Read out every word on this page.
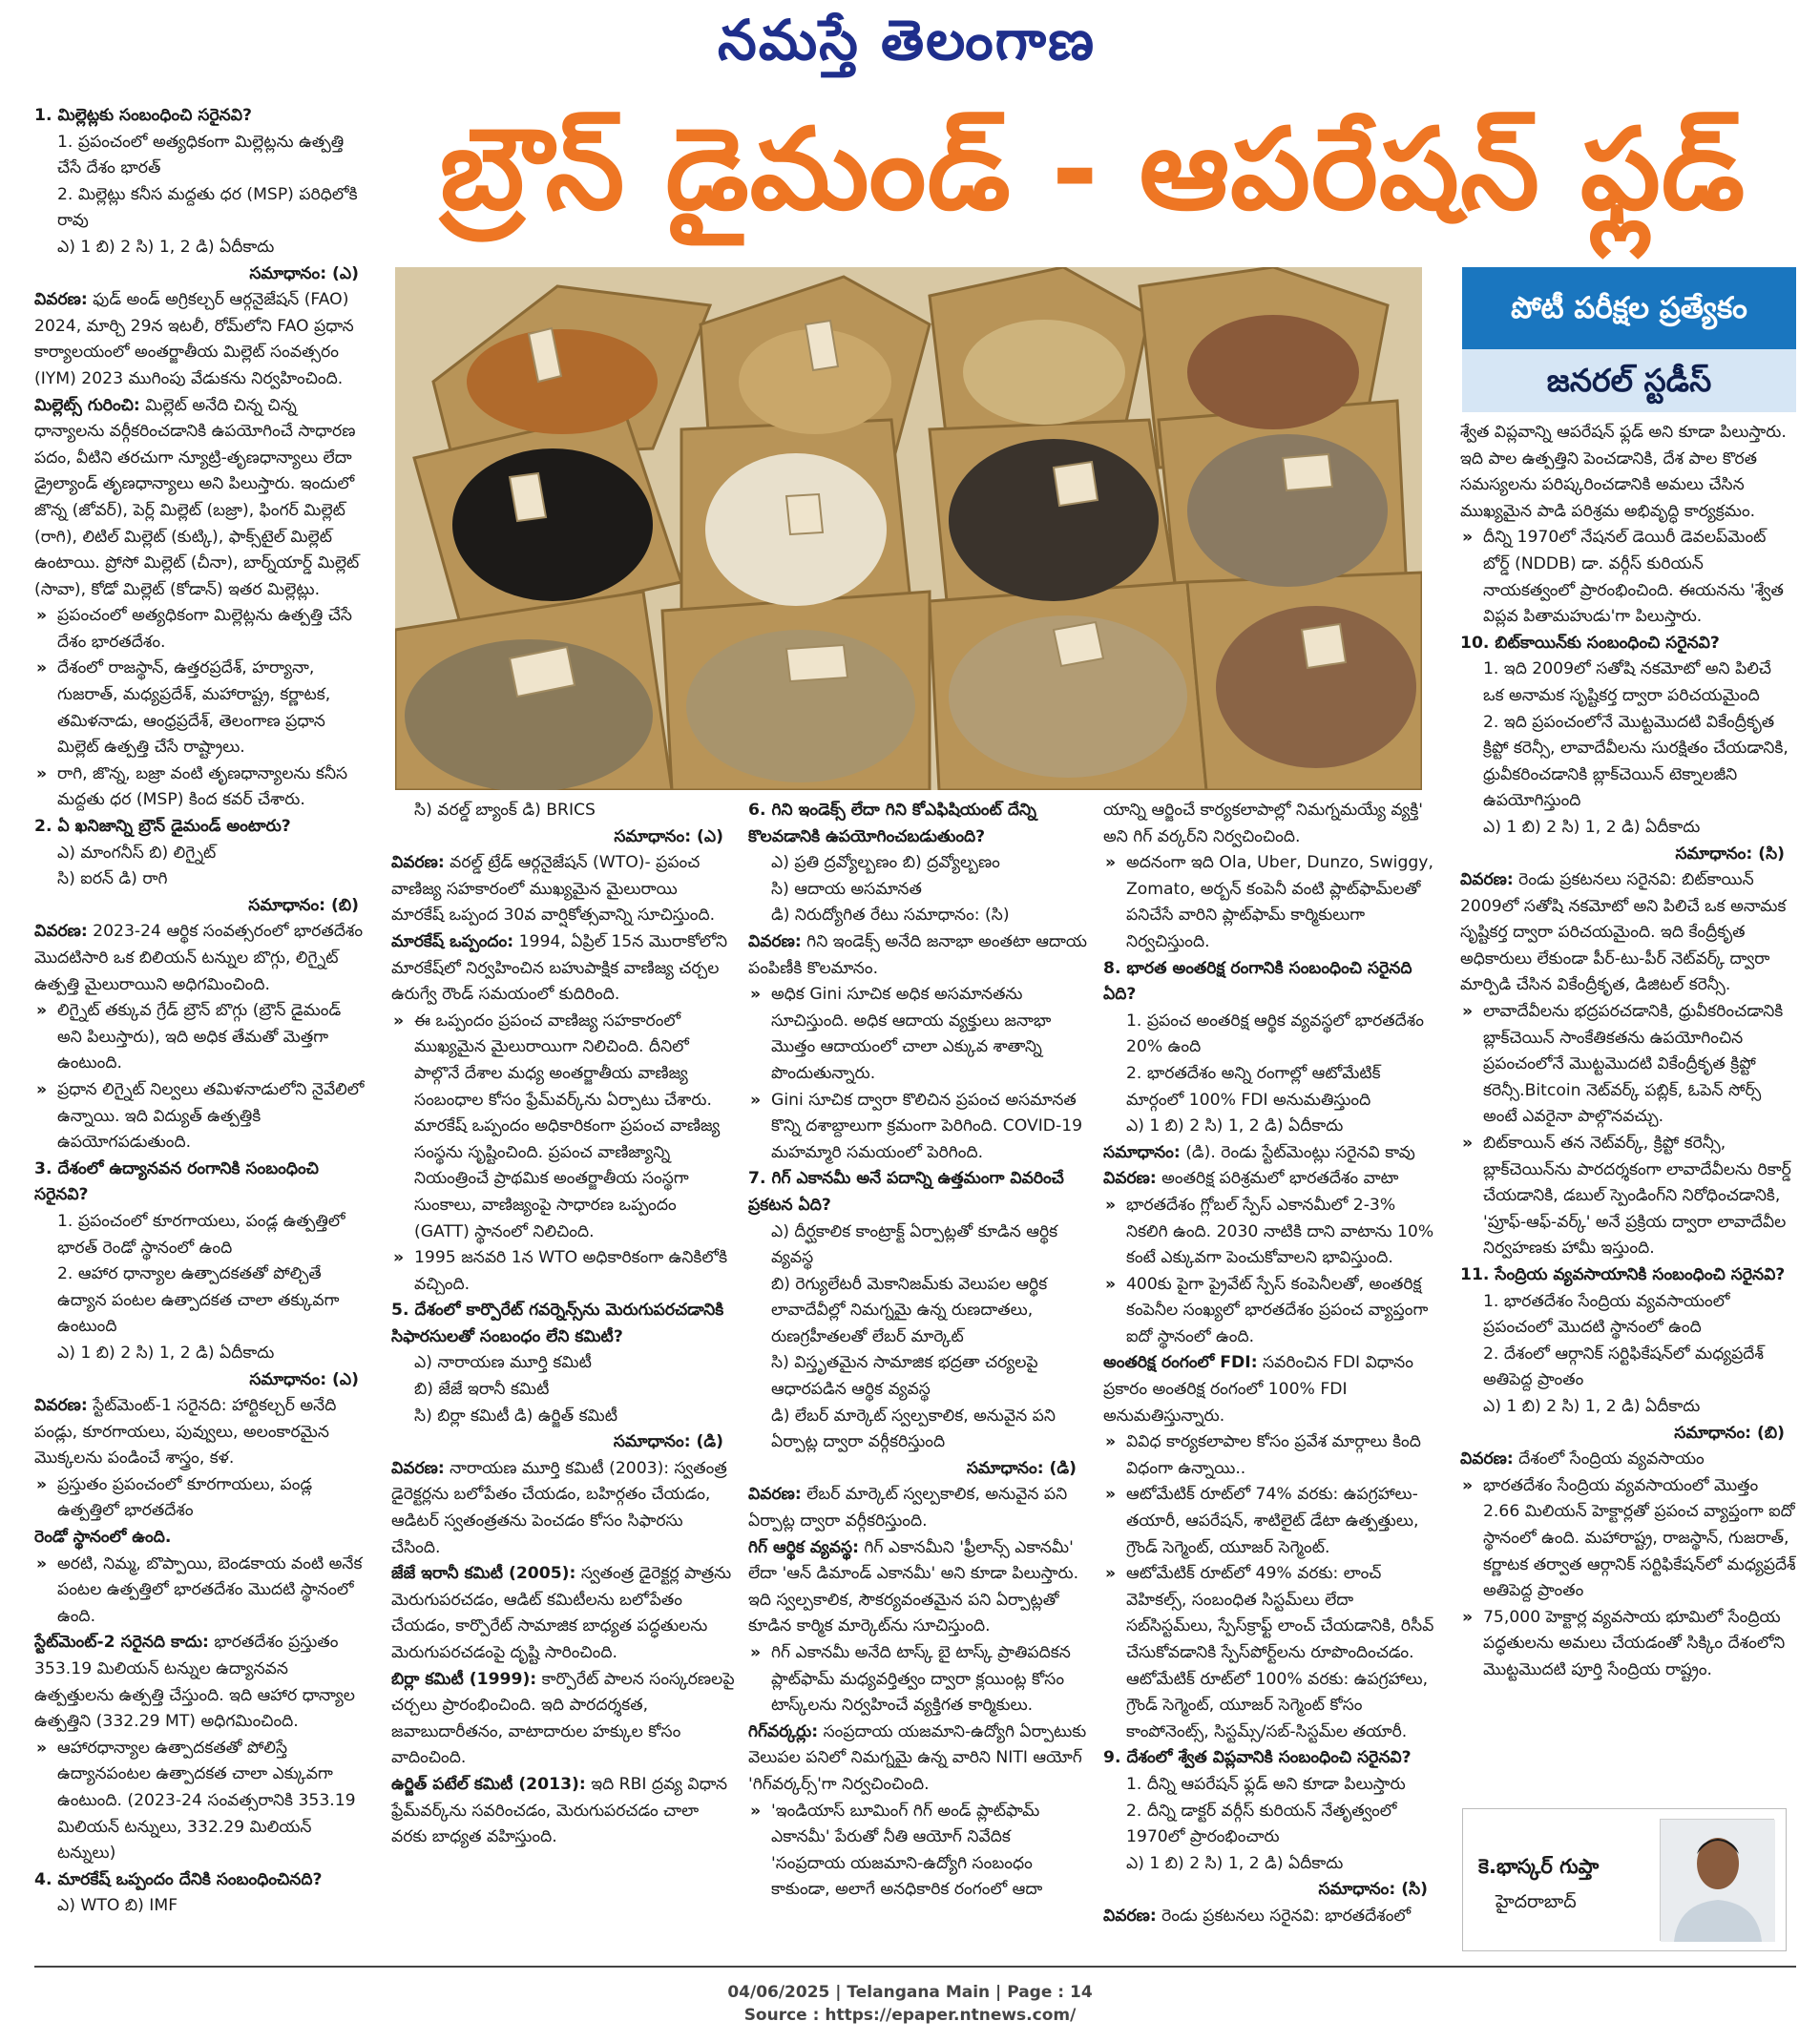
నమస్తే తెలంగాణ
బ్రౌన్ డైమండ్ - ఆపరేషన్ ఫ్లడ్
పోటీ పరీక్షల ప్రత్యేకం
జనరల్ స్టడీస్
1. మిల్లెట్లకు సంబంధించి సరైనవి?
1. ప్రపంచంలో అత్యధికంగా మిల్లెట్లను ఉత్పత్తి చేసే దేశం భారత్
2. మిల్లెట్లు కనీస మద్దతు ధర (MSP) పరిధిలోకి రావు
ఎ) 1 బి) 2 సి) 1, 2 డి) ఏదీకాదు
సమాధానం: (ఎ)
వివరణ: ఫుడ్ అండ్ అగ్రికల్చర్ ఆర్గనైజేషన్ (FAO) 2024, మార్చి 29న ఇటలీ, రోమ్‌లోని FAO ప్రధాన కార్యాలయంలో అంతర్జాతీయ మిల్లెట్ సంవత్సరం (IYM) 2023 ముగింపు వేడుకను నిర్వహించింది.
మిల్లెట్స్ గురించి: మిల్లెట్ అనేది చిన్న చిన్న ధాన్యాలను వర్గీకరించడానికి ఉపయోగించే సాధారణ పదం, వీటిని తరచుగా న్యూట్రి-తృణధాన్యాలు లేదా డ్రైల్యాండ్ తృణధాన్యాలు అని పిలుస్తారు. ఇందులో జొన్న (జోవర్), పెర్ల్ మిల్లెట్ (బజ్రా), ఫింగర్ మిల్లెట్ (రాగి), లిటిల్ మిల్లెట్ (కుట్కి), ఫాక్స్‌టైల్ మిల్లెట్ ఉంటాయి. ప్రోసో మిల్లెట్ (చీనా), బార్న్‌యార్డ్ మిల్లెట్ (సావా), కోడో మిల్లెట్ (కోడాన్) ఇతర మిల్లెట్లు.
» ప్రపంచంలో అత్యధికంగా మిల్లెట్లను ఉత్పత్తి చేసే దేశం భారతదేశం.
» దేశంలో రాజస్థాన్, ఉత్తరప్రదేశ్, హర్యానా, గుజరాత్, మధ్యప్రదేశ్, మహారాష్ట్ర, కర్ణాటక, తమిళనాడు, ఆంధ్రప్రదేశ్, తెలంగాణ ప్రధాన మిల్లెట్ ఉత్పత్తి చేసే రాష్ట్రాలు.
» రాగి, జొన్న, బజ్రా వంటి తృణధాన్యాలను కనీస మద్దతు ధర (MSP) కింద కవర్ చేశారు.
2. ఏ ఖనిజాన్ని బ్రౌన్ డైమండ్ అంటారు?
ఎ) మాంగనీస్ బి) లిగ్నైట్
సి) ఐరన్ డి) రాగి
సమాధానం: (బి)
వివరణ: 2023-24 ఆర్థిక సంవత్సరంలో భారతదేశం మొదటిసారి ఒక బిలియన్ టన్నుల బొగ్గు, లిగ్నైట్ ఉత్పత్తి మైలురాయిని అధిగమించింది.
» లిగ్నైట్ తక్కువ గ్రేడ్ బ్రౌన్ బొగ్గు (బ్రౌన్ డైమండ్ అని పిలుస్తారు), ఇది అధిక తేమతో మెత్తగా ఉంటుంది.
» ప్రధాన లిగ్నైట్ నిల్వలు తమిళనాడులోని నైవేలిలో ఉన్నాయి. ఇది విద్యుత్ ఉత్పత్తికి ఉపయోగపడుతుంది.
3. దేశంలో ఉద్యానవన రంగానికి సంబంధించి సరైనవి?
1. ప్రపంచంలో కూరగాయలు, పండ్ల ఉత్పత్తిలో భారత్ రెండో స్థానంలో ఉంది
2. ఆహార ధాన్యాల ఉత్పాదకతతో పోల్చితే ఉద్యాన పంటల ఉత్పాదకత చాలా తక్కువగా ఉంటుంది
ఎ) 1 బి) 2 సి) 1, 2 డి) ఏదీకాదు
సమాధానం: (ఎ)
వివరణ: స్టేట్‌మెంట్-1 సరైనది: హార్టికల్చర్ అనేది పండ్లు, కూరగాయలు, పువ్వులు, అలంకారమైన మొక్కలను పండించే శాస్త్రం, కళ.
» ప్రస్తుతం ప్రపంచంలో కూరగాయలు, పండ్ల ఉత్పత్తిలో భారతదేశం
రెండో స్థానంలో ఉంది.
» అరటి, నిమ్మ, బొప్పాయి, బెండకాయ వంటి అనేక పంటల ఉత్పత్తిలో భారతదేశం మొదటి స్థానంలో ఉంది.
స్టేట్‌మెంట్-2 సరైనది కాదు: భారతదేశం ప్రస్తుతం 353.19 మిలియన్ టన్నుల ఉద్యానవన ఉత్పత్తులను ఉత్పత్తి చేస్తుంది. ఇది ఆహార ధాన్యాల ఉత్పత్తిని (332.29 MT) అధిగమించింది.
» ఆహారధాన్యాల ఉత్పాదకతతో పోలిస్తే ఉద్యానపంటల ఉత్పాదకత చాలా ఎక్కువగా ఉంటుంది. (2023-24 సంవత్సరానికి 353.19 మిలియన్ టన్నులు, 332.29 మిలియన్ టన్నులు)
4. మారకేష్ ఒప్పందం దేనికి సంబంధించినది?
ఎ) WTO బి) IMF
సి) వరల్డ్ బ్యాంక్ డి) BRICS
సమాధానం: (ఎ)
వివరణ: వరల్డ్ ట్రేడ్ ఆర్గనైజేషన్ (WTO)- ప్రపంచ వాణిజ్య సహకారంలో ముఖ్యమైన మైలురాయి మారకేష్ ఒప్పంద 30వ వార్షికోత్సవాన్ని సూచిస్తుంది.
మారకేష్ ఒప్పందం: 1994, ఏప్రిల్ 15న మొరాకోలోని మారకేష్‌లో నిర్వహించిన బహుపాక్షిక వాణిజ్య చర్చల ఉరుగ్వే రౌండ్ సమయంలో కుదిరింది.
» ఈ ఒప్పందం ప్రపంచ వాణిజ్య సహకారంలో ముఖ్యమైన మైలురాయిగా నిలిచింది. దీనిలో పాల్గొనే దేశాల మధ్య అంతర్జాతీయ వాణిజ్య సంబంధాల కోసం ఫ్రేమ్‌వర్క్‌ను ఏర్పాటు చేశారు. మారకేష్ ఒప్పందం అధికారికంగా ప్రపంచ వాణిజ్య సంస్థను సృష్టించింది. ప్రపంచ వాణిజ్యాన్ని నియంత్రించే ప్రాథమిక అంతర్జాతీయ సంస్థగా సుంకాలు, వాణిజ్యంపై సాధారణ ఒప్పందం (GATT) స్థానంలో నిలిచింది.
» 1995 జనవరి 1న WTO అధికారికంగా ఉనికిలోకి వచ్చింది.
5. దేశంలో కార్పొరేట్ గవర్నెన్స్‌ను మెరుగుపరచడానికి సిఫారసులతో సంబంధం లేని కమిటీ?
ఎ) నారాయణ మూర్తి కమిటీ
బి) జేజే ఇరానీ కమిటీ
సి) బిర్లా కమిటీ డి) ఉర్జిత్ కమిటీ
సమాధానం: (డి)
వివరణ: నారాయణ మూర్తి కమిటీ (2003): స్వతంత్ర డైరెక్టర్లను బలోపేతం చేయడం, బహిర్గతం చేయడం, ఆడిటర్ స్వతంత్రతను పెంచడం కోసం సిఫారసు చేసింది.
జేజే ఇరానీ కమిటీ (2005): స్వతంత్ర డైరెక్టర్ల పాత్రను మెరుగుపరచడం, ఆడిట్ కమిటీలను బలోపేతం చేయడం, కార్పొరేట్ సామాజిక బాధ్యత పద్ధతులను మెరుగుపరచడంపై దృష్టి సారించింది.
బిర్లా కమిటీ (1999): కార్పొరేట్ పాలన సంస్కరణలపై చర్చలు ప్రారంభించింది. ఇది పారదర్శకత, జవాబుదారీతనం, వాటాదారుల హక్కుల కోసం వాదించింది.
ఉర్జిత్ పటేల్ కమిటీ (2013): ఇది RBI ద్రవ్య విధాన ఫ్రేమ్‌వర్క్‌ను సవరించడం, మెరుగుపరచడం చాలా వరకు బాధ్యత వహిస్తుంది.
6. గిని ఇండెక్స్ లేదా గిని కోఎఫిషియంట్ దేన్ని కొలవడానికి ఉపయోగించబడుతుంది?
ఎ) ప్రతి ద్రవ్యోల్బణం బి) ద్రవ్యోల్బణం
సి) ఆదాయ అసమానత
డి) నిరుద్యోగిత రేటు సమాధానం: (సి)
వివరణ: గిని ఇండెక్స్ అనేది జనాభా అంతటా ఆదాయ పంపిణీకి కొలమానం.
» అధిక Gini సూచిక అధిక అసమానతను సూచిస్తుంది. అధిక ఆదాయ వ్యక్తులు జనాభా మొత్తం ఆదాయంలో చాలా ఎక్కువ శాతాన్ని పొందుతున్నారు.
» Gini సూచిక ద్వారా కొలిచిన ప్రపంచ అసమానత కొన్ని దశాబ్దాలుగా క్రమంగా పెరిగింది. COVID-19 మహమ్మారి సమయంలో పెరిగింది.
7. గిగ్ ఎకానమీ అనే పదాన్ని ఉత్తమంగా వివరించే ప్రకటన ఏది?
ఎ) దీర్ఘకాలిక కాంట్రాక్ట్ ఏర్పాట్లతో కూడిన ఆర్థిక వ్యవస్థ
బి) రెగ్యులేటరీ మెకానిజమ్‌కు వెలుపల ఆర్థిక లావాదేవీల్లో నిమగ్నమై ఉన్న రుణదాతలు, రుణగ్రహీతలతో లేబర్ మార్కెట్
సి) విస్తృతమైన సామాజిక భద్రతా చర్యలపై ఆధారపడిన ఆర్థిక వ్యవస్థ
డి) లేబర్ మార్కెట్ స్వల్పకాలిక, అనువైన పని ఏర్పాట్ల ద్వారా వర్గీకరిస్తుంది
సమాధానం: (డి)
వివరణ: లేబర్ మార్కెట్ స్వల్పకాలిక, అనువైన పని ఏర్పాట్ల ద్వారా వర్గీకరిస్తుంది.
గిగ్ ఆర్థిక వ్యవస్థ: గిగ్ ఎకానమీని 'ఫ్రీలాన్స్ ఎకానమీ' లేదా 'ఆన్ డిమాండ్ ఎకానమీ' అని కూడా పిలుస్తారు. ఇది స్వల్పకాలిక, సౌకర్యవంతమైన పని ఏర్పాట్లతో కూడిన కార్మిక మార్కెట్‌ను సూచిస్తుంది.
» గిగ్ ఎకానమీ అనేది టాస్క్ బై టాస్క్ ప్రాతిపదికన ప్లాట్‌ఫామ్ మధ్యవర్తిత్వం ద్వారా క్లయింట్ల కోసం టాస్క్‌లను నిర్వహించే వ్యక్తిగత కార్మికులు.
గిగ్‌వర్కర్లు: సంప్రదాయ యజమాని-ఉద్యోగి ఏర్పాటుకు వెలుపల పనిలో నిమగ్నమై ఉన్న వారిని NITI ఆయోగ్ 'గిగ్‌వర్కర్స్'గా నిర్వచించింది.
» 'ఇండియాస్ బూమింగ్ గిగ్ అండ్ ప్లాట్‌ఫామ్ ఎకానమీ' పేరుతో నీతి ఆయోగ్ నివేదిక 'సంప్రదాయ యజమాని-ఉద్యోగి సంబంధం కాకుండా, అలాగే అనధికారిక రంగంలో ఆదా
యాన్ని ఆర్జించే కార్యకలాపాల్లో నిమగ్నమయ్యే వ్యక్తి' అని గిగ్ వర్కర్‌ని నిర్వచించింది.
» అదనంగా ఇది Ola, Uber, Dunzo, Swiggy, Zomato, అర్బన్ కంపెనీ వంటి ప్లాట్‌ఫామ్‌లతో పనిచేసే వారిని ప్లాట్‌ఫామ్ కార్మికులుగా నిర్వచిస్తుంది.
8. భారత అంతరిక్ష రంగానికి సంబంధించి సరైనది ఏది?
1. ప్రపంచ అంతరిక్ష ఆర్థిక వ్యవస్థలో భారతదేశం 20% ఉంది
2. భారతదేశం అన్ని రంగాల్లో ఆటోమేటిక్ మార్గంలో 100% FDI అనుమతిస్తుంది
ఎ) 1 బి) 2 సి) 1, 2 డి) ఏదీకాదు
సమాధానం: (డి). రెండు స్టేట్‌మెంట్లు సరైనవి కావు
వివరణ: అంతరిక్ష పరిశ్రమలో భారతదేశం వాటా
» భారతదేశం గ్లోబల్ స్పేస్ ఎకానమీలో 2-3% నికలిగి ఉంది. 2030 నాటికి దాని వాటాను 10% కంటే ఎక్కువగా పెంచుకోవాలని భావిస్తుంది.
» 400కు పైగా ప్రైవేట్ స్పేస్ కంపెనీలతో, అంతరిక్ష కంపెనీల సంఖ్యలో భారతదేశం ప్రపంచ వ్యాప్తంగా ఐదో స్థానంలో ఉంది.
అంతరిక్ష రంగంలో FDI: సవరించిన FDI విధానం ప్రకారం అంతరిక్ష రంగంలో 100% FDI అనుమతిస్తున్నారు.
» వివిధ కార్యకలాపాల కోసం ప్రవేశ మార్గాలు కింది విధంగా ఉన్నాయి..
» ఆటోమేటిక్ రూట్‌లో 74% వరకు: ఉపగ్రహాలు-తయారీ, ఆపరేషన్, శాటిలైట్ డేటా ఉత్పత్తులు, గ్రౌండ్ సెగ్మెంట్, యూజర్ సెగ్మెంట్.
» ఆటోమేటిక్ రూట్‌లో 49% వరకు: లాంచ్ వెహికల్స్, సంబంధిత సిస్టమ్‌లు లేదా సబ్‌సిస్టమ్‌లు, స్పేస్‌క్రాఫ్ట్ లాంచ్ చేయడానికి, రిసీవ్ చేసుకోవడానికి స్పేస్‌పోర్ట్‌లను రూపొందించడం. ఆటోమేటిక్ రూట్‌లో 100% వరకు: ఉపగ్రహాలు, గ్రౌండ్ సెగ్మెంట్, యూజర్ సెగ్మెంట్ కోసం కాంపోనెంట్స్, సిస్టమ్స్/సబ్-సిస్టమ్‌ల తయారీ.
9. దేశంలో శ్వేత విప్లవానికి సంబంధించి సరైనవి?
1. దీన్ని ఆపరేషన్ ఫ్లడ్ అని కూడా పిలుస్తారు
2. దీన్ని డాక్టర్ వర్గీస్ కురియన్ నేతృత్వంలో 1970లో ప్రారంభించారు
ఎ) 1 బి) 2 సి) 1, 2 డి) ఏదీకాదు
సమాధానం: (సి)
వివరణ: రెండు ప్రకటనలు సరైనవి: భారతదేశంలో
శ్వేత విప్లవాన్ని ఆపరేషన్ ఫ్లడ్ అని కూడా పిలుస్తారు. ఇది పాల ఉత్పత్తిని పెంచడానికి, దేశ పాల కొరత సమస్యలను పరిష్కరించడానికి అమలు చేసిన ముఖ్యమైన పాడి పరిశ్రమ అభివృద్ధి కార్యక్రమం.
» దీన్ని 1970లో నేషనల్ డెయిరీ డెవలప్‌మెంట్ బోర్డ్ (NDDB) డా. వర్గీస్ కురియన్ నాయకత్వంలో ప్రారంభించింది. ఈయనను 'శ్వేత విప్లవ పితామహుడు'గా పిలుస్తారు.
10. బిట్‌కాయిన్‌కు సంబంధించి సరైనవి?
1. ఇది 2009లో సతోషి నకమోటో అని పిలిచే ఒక అనామక సృష్టికర్త ద్వారా పరిచయమైంది
2. ఇది ప్రపంచంలోనే మొట్టమొదటి వికేంద్రీకృత క్రిప్టో కరెన్సీ, లావాదేవీలను సురక్షితం చేయడానికి, ధ్రువీకరించడానికి బ్లాక్‌చెయిన్ టెక్నాలజీని ఉపయోగిస్తుంది
ఎ) 1 బి) 2 సి) 1, 2 డి) ఏదీకాదు
సమాధానం: (సి)
వివరణ: రెండు ప్రకటనలు సరైనవి: బిట్‌కాయిన్ 2009లో సతోషి నకమోటో అని పిలిచే ఒక అనామక సృష్టికర్త ద్వారా పరిచయమైంది. ఇది కేంద్రీకృత అధికారులు లేకుండా పీర్-టు-పీర్ నెట్‌వర్క్ ద్వారా మార్పిడి చేసిన వికేంద్రీకృత, డిజిటల్ కరెన్సీ.
» లావాదేవీలను భద్రపరచడానికి, ధ్రువీకరించడానికి బ్లాక్‌చెయిన్ సాంకేతికతను ఉపయోగించిన ప్రపంచంలోనే మొట్టమొదటి వికేంద్రీకృత క్రిప్టో కరెన్సీ.Bitcoin నెట్‌వర్క్ పబ్లిక్, ఓపెన్ సోర్స్ అంటే ఎవరైనా పాల్గొనవచ్చు.
» బిట్‌కాయిన్ తన నెట్‌వర్క్, క్రిప్టో కరెన్సీ, బ్లాక్‌చెయిన్‌ను పారదర్శకంగా లావాదేవీలను రికార్డ్ చేయడానికి, డబుల్ స్పెండింగ్‌ని నిరోధించడానికి, 'ప్రూఫ్-ఆఫ్-వర్క్' అనే ప్రక్రియ ద్వారా లావాదేవీల నిర్వహణకు హామీ ఇస్తుంది.
11. సేంద్రియ వ్యవసాయానికి సంబంధించి సరైనవి?
1. భారతదేశం సేంద్రియ వ్యవసాయంలో ప్రపంచంలో మొదటి స్థానంలో ఉంది
2. దేశంలో ఆర్గానిక్ సర్టిఫికేషన్‌లో మధ్యప్రదేశ్ అతిపెద్ద ప్రాంతం
ఎ) 1 బి) 2 సి) 1, 2 డి) ఏదీకాదు
సమాధానం: (బి)
వివరణ: దేశంలో సేంద్రియ వ్యవసాయం
» భారతదేశం సేంద్రియ వ్యవసాయంలో మొత్తం 2.66 మిలియన్ హెక్టార్లతో ప్రపంచ వ్యాప్తంగా ఐదో స్థానంలో ఉంది. మహారాష్ట్ర, రాజస్థాన్, గుజరాత్, కర్ణాటక తర్వాత ఆర్గానిక్ సర్టిఫికేషన్‌లో మధ్యప్రదేశ్ అతిపెద్ద ప్రాంతం
» 75,000 హెక్టార్ల వ్యవసాయ భూమిలో సేంద్రియ పద్ధతులను అమలు చేయడంతో సిక్కిం దేశంలోని మొట్టమొదటి పూర్తి సేంద్రియ రాష్ట్రం.
కె.భాస్కర్ గుప్తా
హైదరాబాద్
04/06/2025 | Telangana Main | Page : 14
Source : https://epaper.ntnews.com/
